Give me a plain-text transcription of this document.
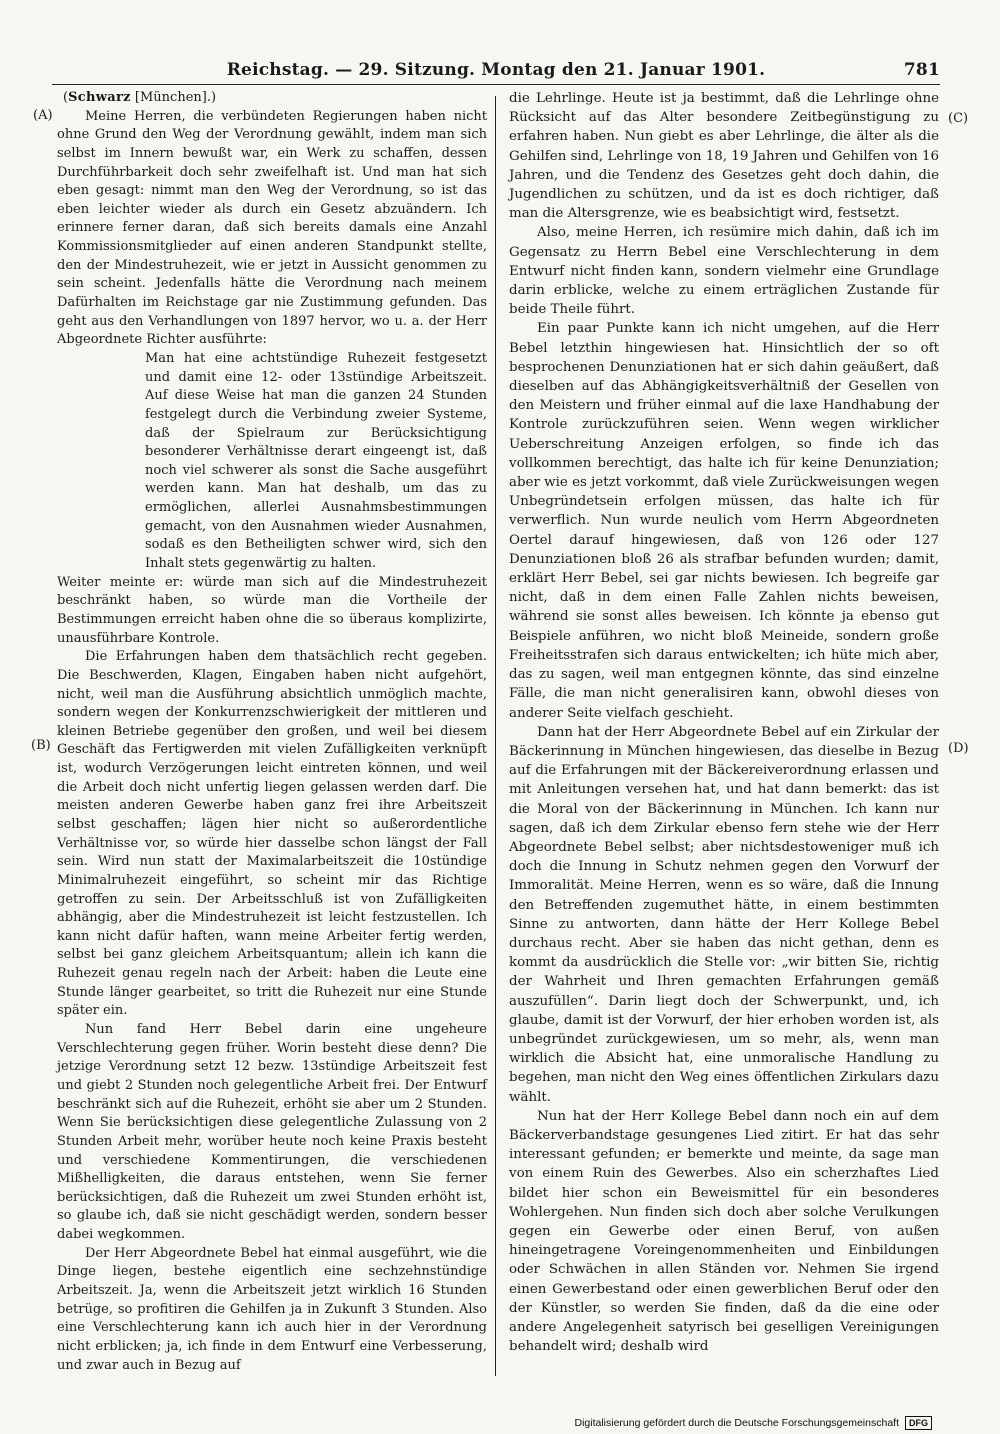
Reichstag. — 29. Sitzung. Montag den 21. Januar 1901.	781
(A)
(B)
(C)
(D)
(Schwarz [München].)

Meine Herren, die verbündeten Regierungen haben nicht ohne Grund den Weg der Verordnung gewählt, indem man sich selbst im Innern bewußt war, ein Werk zu schaffen, dessen Durchführbarkeit doch sehr zweifelhaft ist. Und man hat sich eben gesagt: nimmt man den Weg der Verordnung, so ist das eben leichter wieder als durch ein Gesetz abzuändern. Ich erinnere ferner daran, daß sich bereits damals eine Anzahl Kommissionsmitglieder auf einen anderen Standpunkt stellte, den der Mindestruhezeit, wie er jetzt in Aussicht genommen zu sein scheint. Jedenfalls hätte die Verordnung nach meinem Dafürhalten im Reichstage gar nie Zustimmung gefunden. Das geht aus den Verhandlungen von 1897 hervor, wo u. a. der Herr Abgeordnete Richter ausführte:

Man hat eine achtstündige Ruhezeit festgesetzt und damit eine 12- oder 13stündige Arbeitszeit. Auf diese Weise hat man die ganzen 24 Stunden festgelegt durch die Verbindung zweier Systeme, daß der Spielraum zur Berücksichtigung besonderer Verhältnisse derart eingeengt ist, daß noch viel schwerer als sonst die Sache ausgeführt werden kann. Man hat deshalb, um das zu ermöglichen, allerlei Ausnahmsbestimmungen gemacht, von den Ausnahmen wieder Ausnahmen, sodaß es den Betheiligten schwer wird, sich den Inhalt stets gegenwärtig zu halten.

Weiter meinte er: würde man sich auf die Mindestruhezeit beschränkt haben, so würde man die Vortheile der Bestimmungen erreicht haben ohne die so überaus komplizirte, unausführbare Kontrole.

Die Erfahrungen haben dem thatsächlich recht gegeben. Die Beschwerden, Klagen, Eingaben haben nicht aufgehört, nicht, weil man die Ausführung absichtlich unmöglich machte, sondern wegen der Konkurrenzschwierigkeit der mittleren und kleinen Betriebe gegenüber den großen, und weil bei diesem Geschäft das Fertigwerden mit vielen Zufälligkeiten verknüpft ist, wodurch Verzögerungen leicht eintreten können, und weil die Arbeit doch nicht unfertig liegen gelassen werden darf. Die meisten anderen Gewerbe haben ganz frei ihre Arbeitszeit selbst geschaffen; lägen hier nicht so außerordentliche Verhältnisse vor, so würde hier dasselbe schon längst der Fall sein. Wird nun statt der Maximalarbeitszeit die 10stündige Minimalruhezeit eingeführt, so scheint mir das Richtige getroffen zu sein. Der Arbeitsschluß ist von Zufälligkeiten abhängig, aber die Mindestruhezeit ist leicht festzustellen. Ich kann nicht dafür haften, wann meine Arbeiter fertig werden, selbst bei ganz gleichem Arbeitsquantum; allein ich kann die Ruhezeit genau regeln nach der Arbeit: haben die Leute eine Stunde länger gearbeitet, so tritt die Ruhezeit nur eine Stunde später ein.

Nun fand Herr Bebel darin eine ungeheure Verschlechterung gegen früher. Worin besteht diese denn? Die jetzige Verordnung setzt 12 bezw. 13stündige Arbeitszeit fest und giebt 2 Stunden noch gelegentliche Arbeit frei. Der Entwurf beschränkt sich auf die Ruhezeit, erhöht sie aber um 2 Stunden. Wenn Sie berücksichtigen diese gelegentliche Zulassung von 2 Stunden Arbeit mehr, worüber heute noch keine Praxis besteht und verschiedene Kommentirungen, die verschiedenen Mißhelligkeiten, die daraus entstehen, wenn Sie ferner berücksichtigen, daß die Ruhezeit um zwei Stunden erhöht ist, so glaube ich, daß sie nicht geschädigt werden, sondern besser dabei wegkommen.

Der Herr Abgeordnete Bebel hat einmal ausgeführt, wie die Dinge liegen, bestehe eigentlich eine sechzehnstündige Arbeitszeit. Ja, wenn die Arbeitszeit jetzt wirklich 16 Stunden betrüge, so profitiren die Gehilfen ja in Zukunft 3 Stunden. Also eine Verschlechterung kann ich auch hier in der Verordnung nicht erblicken; ja, ich finde in dem Entwurf eine Verbesserung, und zwar auch in Bezug auf

die Lehrlinge. Heute ist ja bestimmt, daß die Lehrlinge ohne Rücksicht auf das Alter besondere Zeitbegünstigung zu erfahren haben. Nun giebt es aber Lehrlinge, die älter als die Gehilfen sind, Lehrlinge von 18, 19 Jahren und Gehilfen von 16 Jahren, und die Tendenz des Gesetzes geht doch dahin, die Jugendlichen zu schützen, und da ist es doch richtiger, daß man die Altersgrenze, wie es beabsichtigt wird, festsetzt.

Also, meine Herren, ich resümire mich dahin, daß ich im Gegensatz zu Herrn Bebel eine Verschlechterung in dem Entwurf nicht finden kann, sondern vielmehr eine Grundlage darin erblicke, welche zu einem erträglichen Zustande für beide Theile führt.

Ein paar Punkte kann ich nicht umgehen, auf die Herr Bebel letzthin hingewiesen hat. Hinsichtlich der so oft besprochenen Denunziationen hat er sich dahin geäußert, daß dieselben auf das Abhängigkeitsverhältniß der Gesellen von den Meistern und früher einmal auf die laxe Handhabung der Kontrole zurückzuführen seien. Wenn wegen wirklicher Ueberschreitung Anzeigen erfolgen, so finde ich das vollkommen berechtigt, das halte ich für keine Denunziation; aber wie es jetzt vorkommt, daß viele Zurückweisungen wegen Unbegründetsein erfolgen müssen, das halte ich für verwerflich. Nun wurde neulich vom Herrn Abgeordneten Oertel darauf hingewiesen, daß von 126 oder 127 Denunziationen bloß 26 als strafbar befunden wurden; damit, erklärt Herr Bebel, sei gar nichts bewiesen. Ich begreife gar nicht, daß in dem einen Falle Zahlen nichts beweisen, während sie sonst alles beweisen. Ich könnte ja ebenso gut Beispiele anführen, wo nicht bloß Meineide, sondern große Freiheitsstrafen sich daraus entwickelten; ich hüte mich aber, das zu sagen, weil man entgegnen könnte, das sind einzelne Fälle, die man nicht generalisiren kann, obwohl dieses von anderer Seite vielfach geschieht.

Dann hat der Herr Abgeordnete Bebel auf ein Zirkular der Bäckerinnung in München hingewiesen, das dieselbe in Bezug auf die Erfahrungen mit der Bäckereiverordnung erlassen und mit Anleitungen versehen hat, und hat dann bemerkt: das ist die Moral von der Bäckerinnung in München. Ich kann nur sagen, daß ich dem Zirkular ebenso fern stehe wie der Herr Abgeordnete Bebel selbst; aber nichtsdestoweniger muß ich doch die Innung in Schutz nehmen gegen den Vorwurf der Immoralität. Meine Herren, wenn es so wäre, daß die Innung den Betreffenden zugemuthet hätte, in einem bestimmten Sinne zu antworten, dann hätte der Herr Kollege Bebel durchaus recht. Aber sie haben das nicht gethan, denn es kommt da ausdrücklich die Stelle vor: „wir bitten Sie, richtig der Wahrheit und Ihren gemachten Erfahrungen gemäß auszufüllen“. Darin liegt doch der Schwerpunkt, und, ich glaube, damit ist der Vorwurf, der hier erhoben worden ist, als unbegründet zurückgewiesen, um so mehr, als, wenn man wirklich die Absicht hat, eine unmoralische Handlung zu begehen, man nicht den Weg eines öffentlichen Zirkulars dazu wählt.

Nun hat der Herr Kollege Bebel dann noch ein auf dem Bäckerverbandstage gesungenes Lied zitirt. Er hat das sehr interessant gefunden; er bemerkte und meinte, da sage man von einem Ruin des Gewerbes. Also ein scherzhaftes Lied bildet hier schon ein Beweismittel für ein besonderes Wohlergehen. Nun finden sich doch aber solche Verulkungen gegen ein Gewerbe oder einen Beruf, von außen hineingetragene Voreingenommenheiten und Einbildungen oder Schwächen in allen Ständen vor. Nehmen Sie irgend einen Gewerbestand oder einen gewerblichen Beruf oder den der Künstler, so werden Sie finden, daß da die eine oder andere Angelegenheit satyrisch bei geselligen Vereinigungen behandelt wird; deshalb wird

Digitalisierung gefördert durch die Deutsche Forschungsgemeinschaft	DFG
